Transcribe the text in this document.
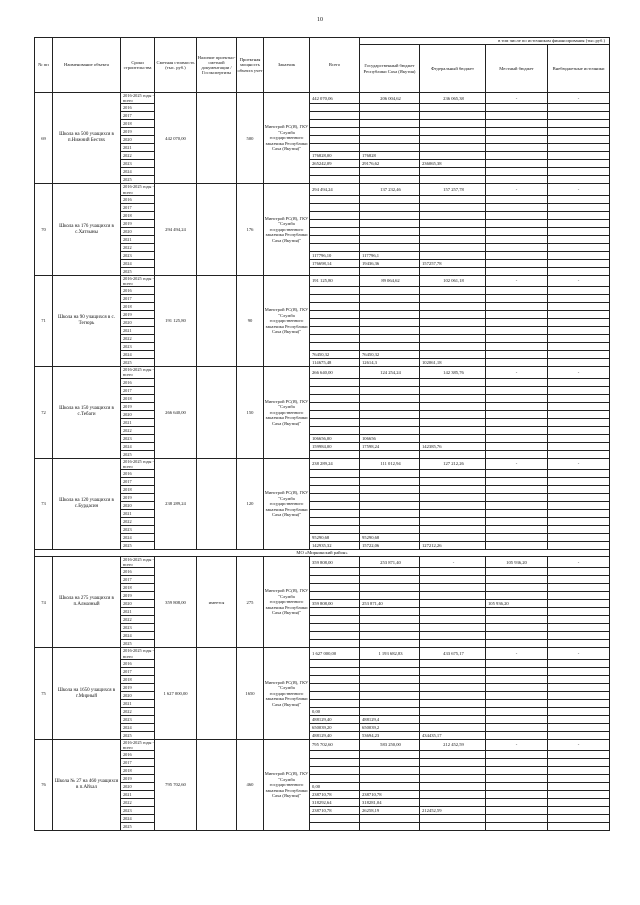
10
№ пп	Наименование объекта	Сроки строительства	Сметная стоимость (тыс. руб.)	Наличие проектно-сметной документации /Госэкспертизы	Проектная мощность объекта учет	Заказчик	Всего	в том числе по источникам финансирования (тыс.руб.)			
								Государственный бюджет Республики Саха (Якутия)	Федеральный бюджет	Местный бюджет	Внебюджетные источники
69	Школа на 500 учащихся в п.Нижний Бестях	2016-2025 годы - всего	442 070,00		500	Минстрой РС(Я), ГКУ "Служба государственного заказчика Республики Саха (Якутия)"	442 070,06	206 004,62	236 065,38	-	-
		2016									
		2017									
		2018									
		2019									
		2020									
		2021									
		2022					176828,00	176828			
		2023					265242,09	29176,62	236065,38		
		2024									
		2025									
70	Школа на 176 учащихся в с.Хатзыны	2016-2025 годы - всего	294 494,24		176	Минстрой РС(Я), ГКУ "Служба государственного заказчика Республики Саха (Якутия)"	294 494,24	137 232,46	157 257,78	-	-
		2016									
		2017									
		2018									
		2019									
		2020									
		2021									
		2022									
		2023					117796,10	117796,1			
		2024					176698,14	19436,36	157257,78		
		2025									
71	Школа на 90 учащихся в с. Тегюрь	2016-2025 годы - всего	191 125,80		90	Минстрой РС(Я), ГКУ "Служба государственного заказчика Республики Саха (Якутия)"	191 125,80	89 064,62	102 061,18	-	-
		2016									
		2017									
		2018									
		2019									
		2020									
		2021									
		2022									
		2023									
		2024					76450,32	76450,32			
		2025					114675,48	12614,3	102061,18		
72	Школа на 150 учащихся в с.Тебаги	2016-2025 годы - всего	266 640,00		150	Минстрой РС(Я), ГКУ "Служба государственного заказчика Республики Саха (Якутия)"	266 640,00	124 254,24	142 385,76	-	-
		2016									
		2017									
		2018									
		2019									
		2020									
		2021									
		2022									
		2023					106656,00	106656			
		2024					159984,00	17598,24	142385,76		
		2025									
73	Школа на 120 учащихся в с.Бурдасин	2016-2025 годы - всего	238 289,24		120	Минстрой РС(Я), ГКУ "Служба государственного заказчика Республики Саха (Якутия)"	238 289,24	111 012,94	127 212,26	-	-
		2016									
		2017									
		2018									
		2019									
		2020									
		2021									
		2022									
		2023									
		2024					95290,68	95290,68			
		2025					142935,32	15722,06	127212,26		
МО «Мирнинский район»											
74	Школа на 275 учащихся в п.Алмазный	2016-2025 годы - всего	359 808,00	имеется	275	Минстрой РС(Я), ГКУ "Служба государственного заказчика Республики Саха (Якутия)"	359 808,00	253 871,40	-	105 936,20	-
		2016									
		2017									
		2018									
		2019									
		2020					359 808,00	253 871,40		105 936,20	
		2021									
		2022									
		2023									
		2024									
		2025									
75	Школа на 1650 учащихся в г.Мирный	2016-2025 годы - всего	1 627 000,00		1650	Минстрой РС(Я), ГКУ "Служба государственного заказчика Республики Саха (Якутия)"	1 627 000,00	1 193 682,83	433 675,17	-	-
		2016									
		2017									
		2018									
		2019									
		2020									
		2021									
		2022					0,00				
		2023					488129,40	488129,4			
		2024					650039,20	650039,2			
		2025					488129,40	53694,23	434435,17		
76	Школа № 27 на 460 учащихся в п.Айхал	2016-2025 годы - всего	795 702,60		460	Минстрой РС(Я), ГКУ "Служба государственного заказчика Республики Саха (Якутия)"	795 702,60	583 250,00	212 452,59	-	-
		2016									
		2017									
		2018									
		2019									
		2020					0,00				
		2021					238710,78	238710,78			
		2022					318292,64	318281,04			
		2023					238710,78	26258,19	212452,59		
		2024									
		2025									
